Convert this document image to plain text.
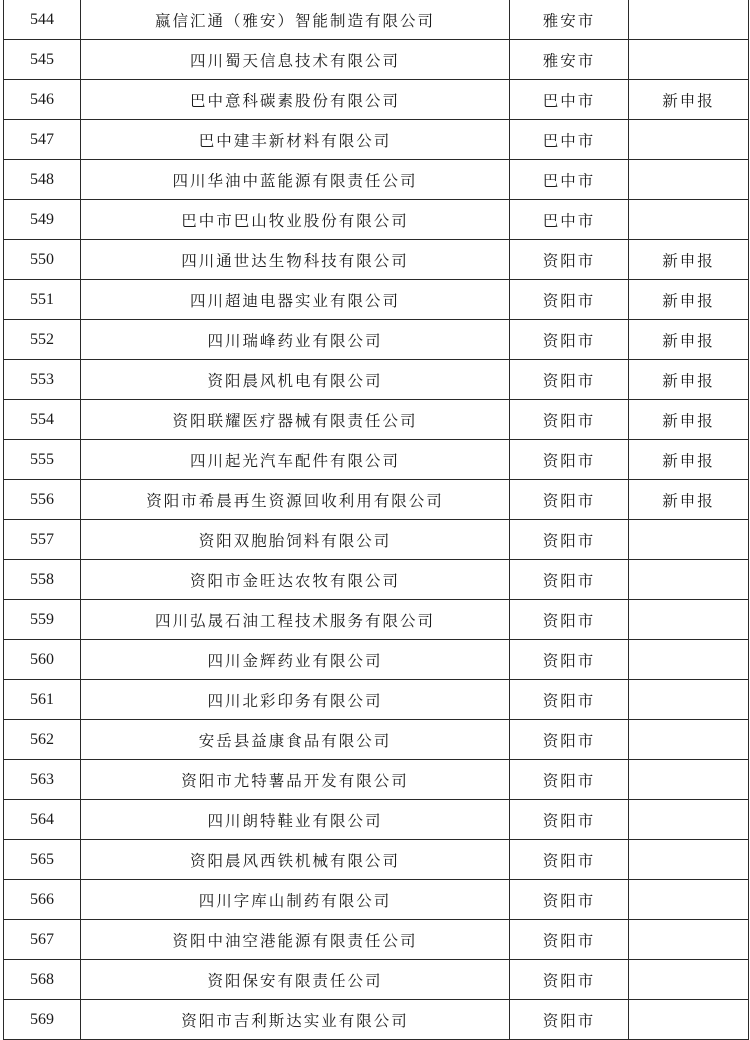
544	嬴信汇通（雅安）智能制造有限公司	雅安市	
545	四川蜀天信息技术有限公司	雅安市	
546	巴中意科碳素股份有限公司	巴中市	新申报
547	巴中建丰新材料有限公司	巴中市	
548	四川华油中蓝能源有限责任公司	巴中市	
549	巴中市巴山牧业股份有限公司	巴中市	
550	四川通世达生物科技有限公司	资阳市	新申报
551	四川超迪电器实业有限公司	资阳市	新申报
552	四川瑞峰药业有限公司	资阳市	新申报
553	资阳晨风机电有限公司	资阳市	新申报
554	资阳联耀医疗器械有限责任公司	资阳市	新申报
555	四川起光汽车配件有限公司	资阳市	新申报
556	资阳市希晨再生资源回收利用有限公司	资阳市	新申报
557	资阳双胞胎饲料有限公司	资阳市	
558	资阳市金旺达农牧有限公司	资阳市	
559	四川弘晟石油工程技术服务有限公司	资阳市	
560	四川金辉药业有限公司	资阳市	
561	四川北彩印务有限公司	资阳市	
562	安岳县益康食品有限公司	资阳市	
563	资阳市尤特薯品开发有限公司	资阳市	
564	四川朗特鞋业有限公司	资阳市	
565	资阳晨风西铁机械有限公司	资阳市	
566	四川字库山制药有限公司	资阳市	
567	资阳中油空港能源有限责任公司	资阳市	
568	资阳保安有限责任公司	资阳市	
569	资阳市吉利斯达实业有限公司	资阳市	
